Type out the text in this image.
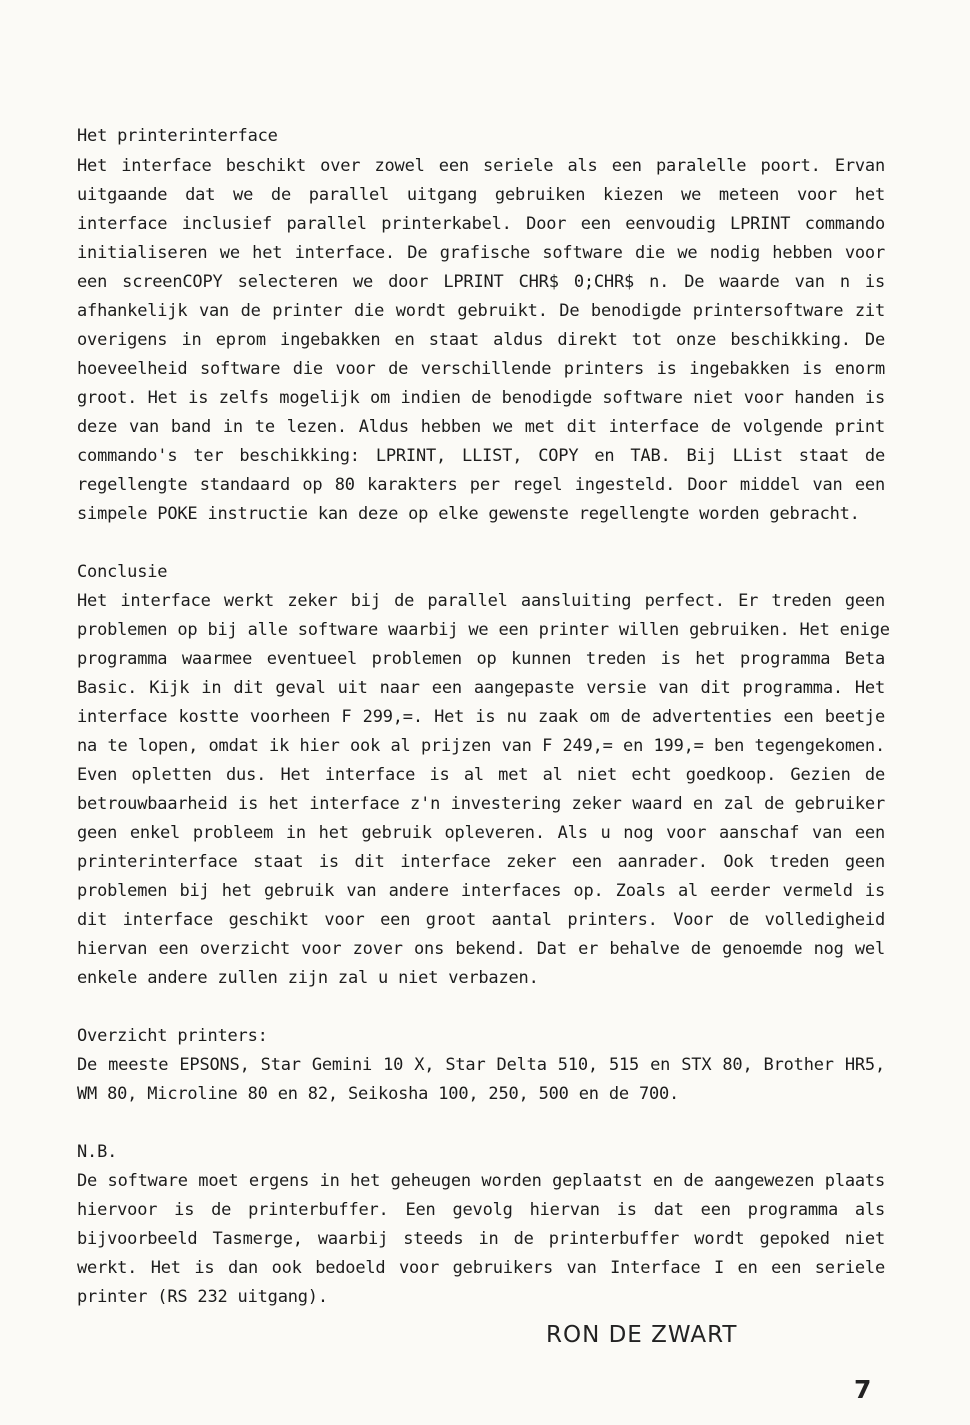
Het printerinterface
Het interface beschikt over zowel een seriele als een paralelle poort. Ervan
uitgaande dat we de parallel uitgang gebruiken kiezen we meteen voor het
interface inclusief parallel printerkabel. Door een eenvoudig LPRINT commando
initialiseren we het interface. De grafische software die we nodig hebben voor
een screenCOPY selecteren we door LPRINT CHR$ 0;CHR$ n. De waarde van n is
afhankelijk van de printer die wordt gebruikt. De benodigde printersoftware zit
overigens in eprom ingebakken en staat aldus direkt tot onze beschikking. De
hoeveelheid software die voor de verschillende printers is ingebakken is enorm
groot. Het is zelfs mogelijk om indien de benodigde software niet voor handen is
deze van band in te lezen. Aldus hebben we met dit interface de volgende print
commando's ter beschikking: LPRINT, LLIST, COPY en TAB. Bij LList staat de
regellengte standaard op 80 karakters per regel ingesteld. Door middel van een
simpele POKE instructie kan deze op elke gewenste regellengte worden gebracht.
Conclusie
Het interface werkt zeker bij de parallel aansluiting perfect. Er treden geen
problemen op bij alle software waarbij we een printer willen gebruiken. Het enige
programma waarmee eventueel problemen op kunnen treden is het programma Beta
Basic. Kijk in dit geval uit naar een aangepaste versie van dit programma. Het
interface kostte voorheen F 299,=. Het is nu zaak om de advertenties een beetje
na te lopen, omdat ik hier ook al prijzen van F 249,= en 199,= ben tegengekomen.
Even opletten dus. Het interface is al met al niet echt goedkoop. Gezien de
betrouwbaarheid is het interface z'n investering zeker waard en zal de gebruiker
geen enkel probleem in het gebruik opleveren. Als u nog voor aanschaf van een
printerinterface staat is dit interface zeker een aanrader. Ook treden geen
problemen bij het gebruik van andere interfaces op. Zoals al eerder vermeld is
dit interface geschikt voor een groot aantal printers. Voor de volledigheid
hiervan een overzicht voor zover ons bekend. Dat er behalve de genoemde nog wel
enkele andere zullen zijn zal u niet verbazen.
Overzicht printers:
De meeste EPSONS, Star Gemini 10 X, Star Delta 510, 515 en STX 80, Brother HR5,
WM 80, Microline 80 en 82, Seikosha 100, 250, 500 en de 700.
N.B.
De software moet ergens in het geheugen worden geplaatst en de aangewezen plaats
hiervoor is de printerbuffer. Een gevolg hiervan is dat een programma als
bijvoorbeeld Tasmerge, waarbij steeds in de printerbuffer wordt gepoked niet
werkt. Het is dan ook bedoeld voor gebruikers van Interface I en een seriele
printer (RS 232 uitgang).
RON DE ZWART
7
